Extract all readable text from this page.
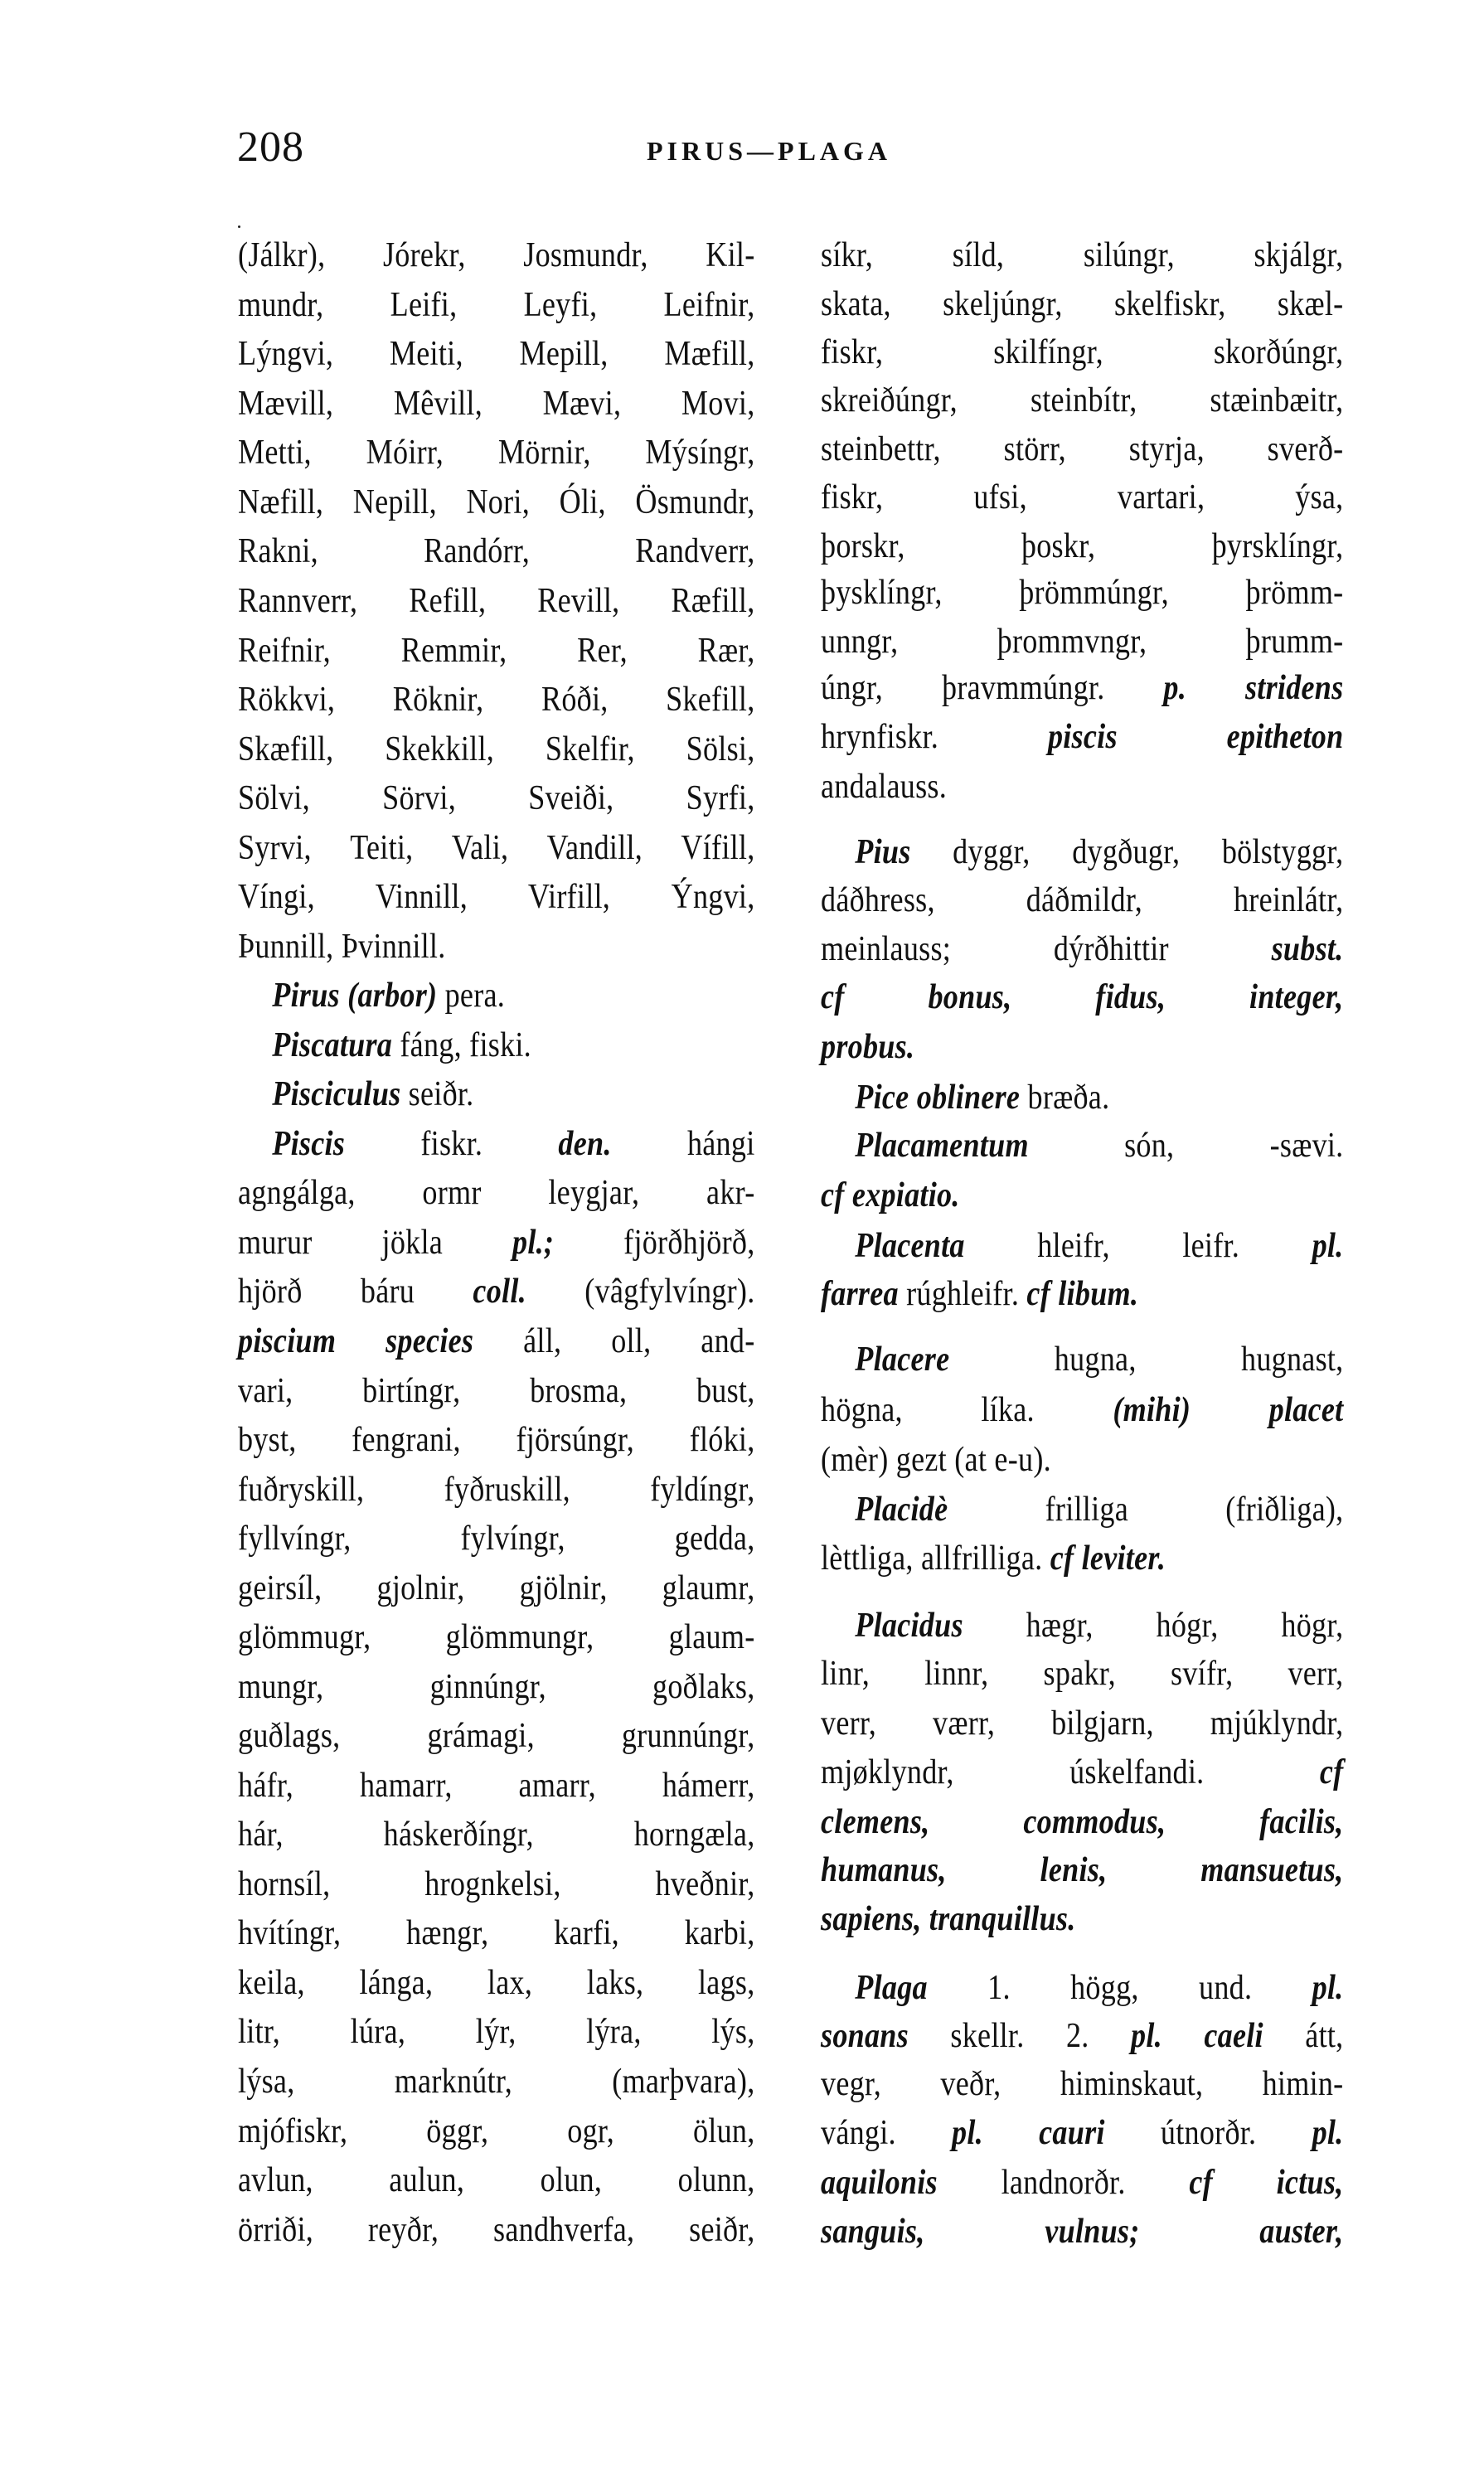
208	PIRUS—PLAGA
(Jálkr), Jórekr, Josmundr, Kil-
mundr, Leifi, Leyfi, Leifnir,
Lýngvi, Meiti, Mepill, Mæfill,
Mævill, Mêvill, Mævi, Movi,
Metti, Móirr, Mörnir, Mýsíngr,
Næfill, Nepill, Nori, Óli, Ösmundr,
Rakni, Randórr, Randverr,
Rannverr, Refill, Revill, Ræfill,
Reifnir, Remmir, Rer, Rær,
Rökkvi, Röknir, Róði, Skefill,
Skæfill, Skekkill, Skelfir, Sölsi,
Sölvi, Sörvi, Sveiði, Syrfi,
Syrvi, Teiti, Vali, Vandill, Vífill,
Víngi, Vinnill, Virfill, Ýngvi,
Þunnill, Þvinnill.
Pirus (arbor) pera.
Piscatura fáng, fiski.
Pisciculus seiðr.
Piscis fiskr. den. hángi
agngálga, ormr leygjar, akr-
murur jökla pl.; fjörðhjörð,
hjörð báru coll. (vâgfylvíngr).
piscium species áll, oll, and-
vari, birtíngr, brosma, bust,
byst, fengrani, fjörsúngr, flóki,
fuðryskill, fyðruskill, fyldíngr,
fyllvíngr, fylvíngr, gedda,
geirsíl, gjolnir, gjölnir, glaumr,
glömmugr, glömmungr, glaum-
mungr, ginnúngr, goðlaks,
guðlags, grámagi, grunnúngr,
háfr, hamarr, amarr, hámerr,
hár, háskerðíngr, horngæla,
hornsíl, hrognkelsi, hveðnir,
hvítíngr, hængr, karfi, karbi,
keila, lánga, lax, laks, lags,
litr, lúra, lýr, lýra, lýs,
lýsa, marknútr, (marþvara),
mjófiskr, öggr, ogr, ölun,
avlun, aulun, olun, olunn,
örriði, reyðr, sandhverfa, seiðr,
síkr, síld, silúngr, skjálgr,
skata, skeljúngr, skelfiskr, skæl-
fiskr, skilfíngr, skorðúngr,
skreiðúngr, steinbítr, stæinbæitr,
steinbettr, störr, styrja, sverð-
fiskr, ufsi, vartari, ýsa,
þorskr, þoskr, þyrsklíngr,
þysklíngr, þrömmúngr, þrömm-
unngr, þrommvngr, þrumm-
úngr, þravmmúngr. p. stridens
hrynfiskr. piscis epitheton
andalauss.
Pius dyggr, dygðugr, bölstyggr,
dáðhress, dáðmildr, hreinlátr,
meinlauss; dýrðhittir subst.
cf bonus, fidus, integer,
probus.
Pice oblinere bræða.
Placamentum són, -sævi.
cf expiatio.
Placenta hleifr, leifr. pl.
farrea rúghleifr. cf libum.
Placere hugna, hugnast,
högna, líka. (mihi) placet
(mèr) gezt (at e-u).
Placidè frilliga (friðliga),
lèttliga, allfrilliga. cf leviter.
Placidus hægr, hógr, högr,
linr, linnr, spakr, svífr, verr,
verr, værr, bilgjarn, mjúklyndr,
mjøklyndr, úskelfandi. cf
clemens, commodus, facilis,
humanus, lenis, mansuetus,
sapiens, tranquillus.
Plaga 1. högg, und. pl.
sonans skellr. 2. pl. caeli átt,
vegr, veðr, himinskaut, himin-
vángi. pl. cauri útnorðr. pl.
aquilonis landnorðr. cf ictus,
sanguis, vulnus; auster,
